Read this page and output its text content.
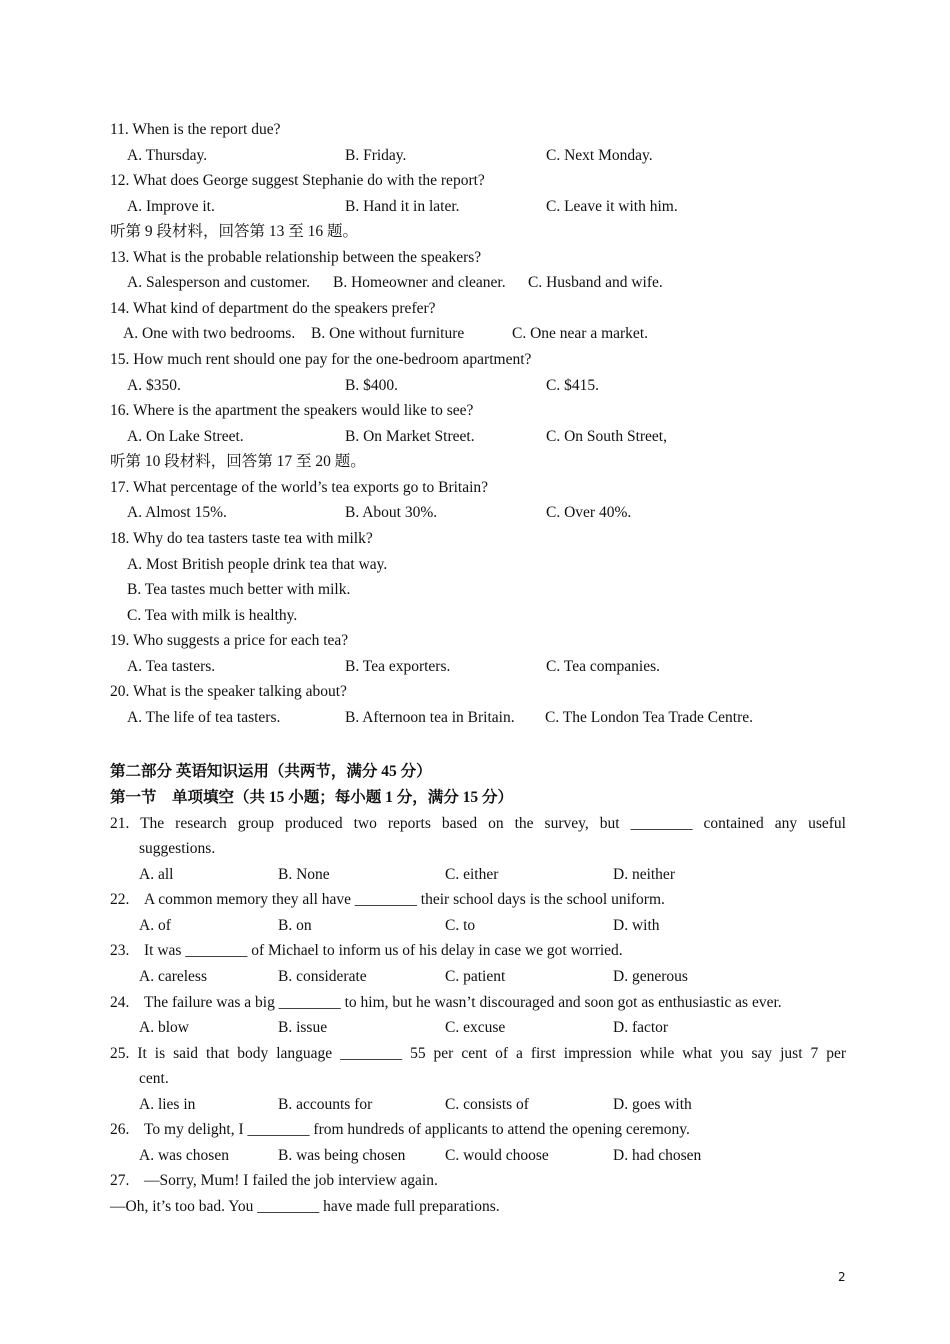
11. When is the report due?
A. Thursday.	B. Friday.	C. Next Monday.
12. What does George suggest Stephanie do with the report?
A. Improve it.	B. Hand it in later.	C. Leave it with him.
听第 9 段材料，回答第 13 至 16 题。
13. What is the probable relationship between the speakers?
A. Salesperson and customer. B. Homeowner and cleaner. C. Husband and wife.
14. What kind of department do the speakers prefer?
A. One with two bedrooms. B. One without furniture	C. One near a market.
15. How much rent should one pay for the one-bedroom apartment?
A. $350.	B. $400.	C. $415.
16. Where is the apartment the speakers would like to see?
A. On Lake Street.	B. On Market Street.	C. On South Street,
听第 10 段材料，回答第 17 至 20 题。
17. What percentage of the world’s tea exports go to Britain?
A. Almost 15%.	B. About 30%.	C. Over 40%.
18. Why do tea tasters taste tea with milk?
A. Most British people drink tea that way.
B. Tea tastes much better with milk.
C. Tea with milk is healthy.
19. Who suggests a price for each tea?
A. Tea tasters.	B. Tea exporters.	C. Tea companies.
20. What is the speaker talking about?
A. The life of tea tasters.	B. Afternoon tea in Britain. C. The London Tea Trade Centre.
第二部分 英语知识运用（共两节，满分 45 分）
第一节　单项填空（共 15 小题；每小题 1 分，满分 15 分）
21. The research group produced two reports based on the survey, but ________ contained any useful
suggestions.
A. all	B. None	C. either	D. neither
22. A common memory they all have ________ their school days is the school uniform.
A. of	B. on	C. to	D. with
23. It was ________ of Michael to inform us of his delay in case we got worried.
A. careless	B. considerate	C. patient	D. generous
24. The failure was a big ________ to him, but he wasn’t discouraged and soon got as enthusiastic as ever.
A. blow	B. issue	C. excuse	D. factor
25. It is said that body language ________ 55 per cent of a first impression while what you say just 7 per
cent.
A. lies in	B. accounts for	C. consists of	D. goes with
26. To my delight, I ________ from hundreds of applicants to attend the opening ceremony.
A. was chosen	B. was being chosen	C. would choose	D. had chosen
27. —Sorry, Mum! I failed the job interview again.
—Oh, it’s too bad. You ________ have made full preparations.
2
